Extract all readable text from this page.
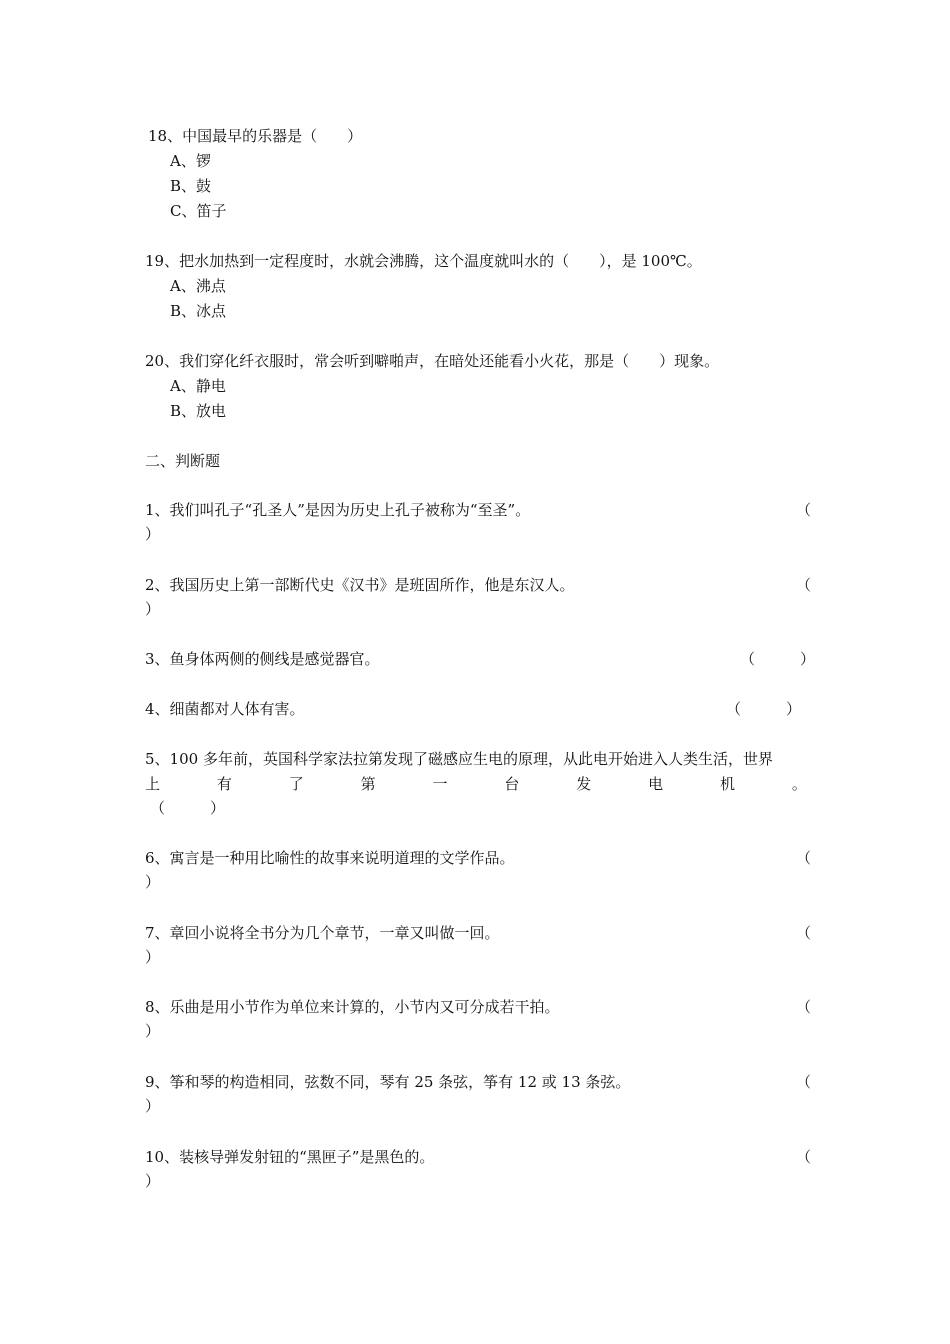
18、中国最早的乐器是（　　）
A、锣
B、鼓
C、笛子
19、把水加热到一定程度时，水就会沸腾，这个温度就叫水的（　　），是 100℃。
A、沸点
B、冰点
20、我们穿化纤衣服时，常会听到噼啪声，在暗处还能看小火花，那是（　　）现象。
A、静电
B、放电
二、判断题
1、我们叫孔子“孔圣人”是因为历史上孔子被称为“至圣”。	（
）
2、我国历史上第一部断代史《汉书》是班固所作，他是东汉人。	（
）
3、鱼身体两侧的侧线是感觉器官。	（　　　）
4、细菌都对人体有害。	（　　　）
5、100 多年前，英国科学家法拉第发现了磁感应生电的原理，从此电开始进入人类生活，世界
上	有	了	第	一	台	发	电	机	。
（　　　）
6、寓言是一种用比喻性的故事来说明道理的文学作品。	（
）
7、章回小说将全书分为几个章节，一章又叫做一回。	（
）
8、乐曲是用小节作为单位来计算的，小节内又可分成若干拍。	（
）
9、筝和琴的构造相同，弦数不同，琴有 25 条弦，筝有 12 或 13 条弦。	（
）
10、装核导弹发射钮的“黑匣子”是黑色的。	（
）
